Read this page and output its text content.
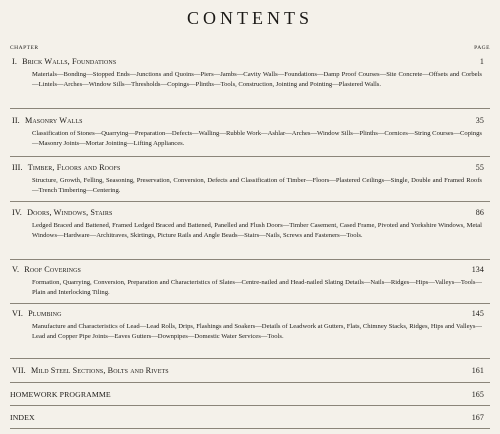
CONTENTS
CHAPTER	PAGE
I. Brick Walls, Foundations	1
Materials—Bonding—Stopped Ends—Junctions and Quoins—Piers—Jambs—Cavity Walls—Foundations—Damp Proof Courses—Site Concrete—Offsets and Corbels—Lintels—Arches—Window Sills—Thresholds—Copings—Plinths—Tools, Construction, Jointing and Pointing—Plastered Walls.
II. Masonry Walls	35
Classification of Stones—Quarrying—Preparation—Defects—Walling—Rubble Work—Ashlar—Arches—Window Sills—Plinths—Cornices—String Courses—Copings—Masonry Joints—Mortar Jointing—Lifting Appliances.
III. Timber, Floors and Roofs	55
Structure, Growth, Felling, Seasoning, Preservation, Conversion, Defects and Classification of Timber—Floors—Plastered Ceilings—Single, Double and Framed Roofs—Trench Timbering—Centering.
IV. Doors, Windows, Stairs	86
Ledged Braced and Battened, Framed Ledged Braced and Battened, Panelled and Flush Doors—Timber Casement, Cased Frame, Pivoted and Yorkshire Windows, Metal Windows—Hardware—Architraves, Skirtings, Picture Rails and Angle Beads—Stairs—Nails, Screws and Fasteners—Tools.
V. Roof Coverings	134
Formation, Quarrying, Conversion, Preparation and Characteristics of Slates—Centre-nailed and Head-nailed Slating Details—Nails—Ridges—Hips—Valleys—Tools—Plain and Interlocking Tiling.
VI. Plumbing	145
Manufacture and Characteristics of Lead—Lead Rolls, Drips, Flashings and Soakers—Details of Leadwork at Gutters, Flats, Chimney Stacks, Ridges, Hips and Valleys—Lead and Copper Pipe Joints—Eaves Gutters—Downpipes—Domestic Water Services—Tools.
VII. Mild Steel Sections, Bolts and Rivets	161
HOMEWORK PROGRAMME	165
INDEX	167
